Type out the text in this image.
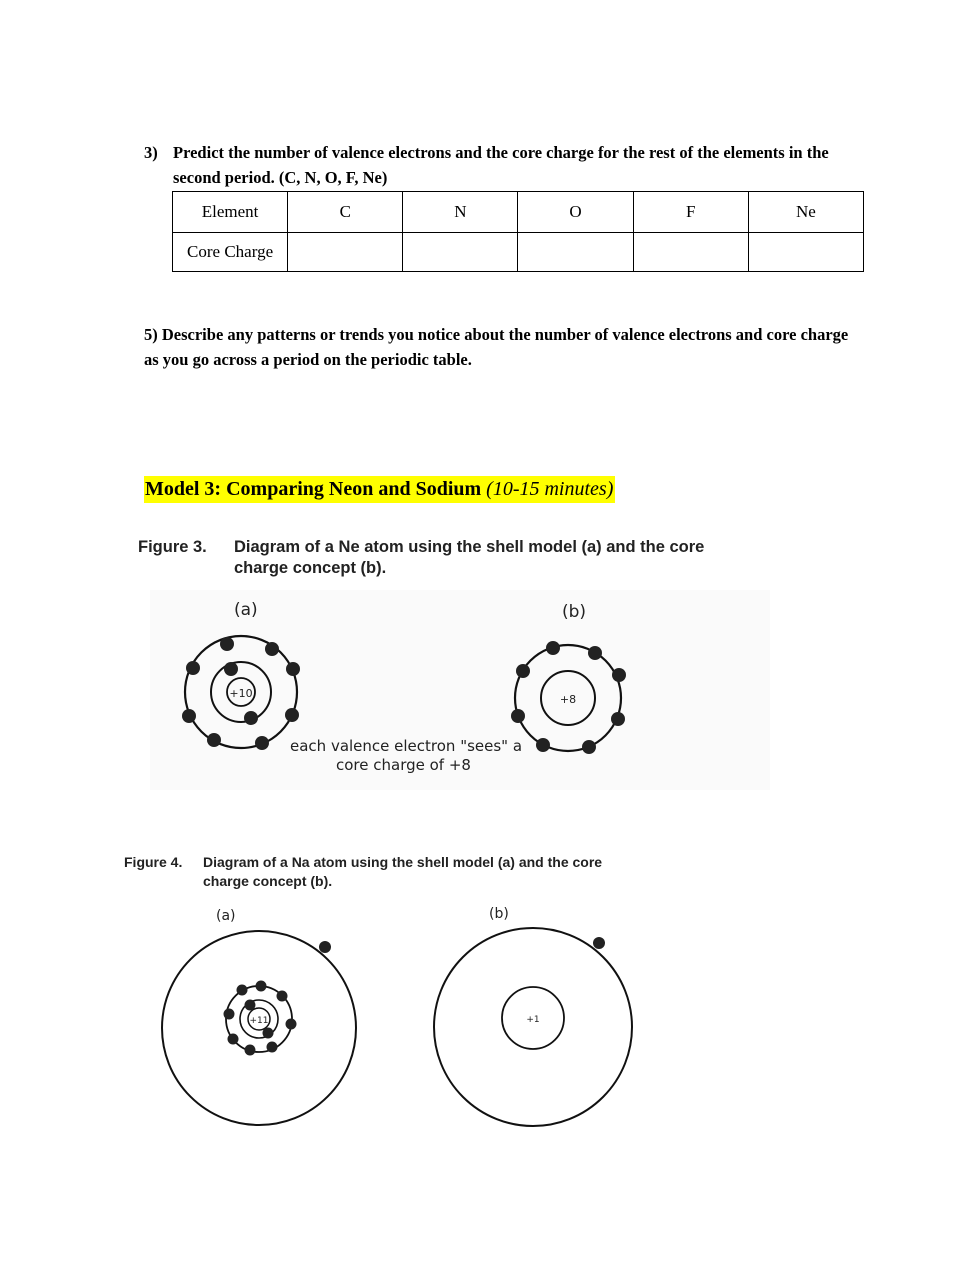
3) Predict the number of valence electrons and the core charge for the rest of the elements in the second period. (C, N, O, F, Ne)
Element	C	N	O	F	Ne
Core Charge					
5) Describe any patterns or trends you notice about the number of valence electrons and core charge as you go across a period on the periodic table.
Model 3: Comparing Neon and Sodium (10-15 minutes)
Figure 3. Diagram of a Ne atom using the shell model (a) and the core
charge concept (b).
Figure 4. Diagram of a Na atom using the shell model (a) and the core
charge concept (b).
(a)
+10
each valence electron "sees" a
core charge of +8
(b)
+8
(a)
+11
(b)
+1
